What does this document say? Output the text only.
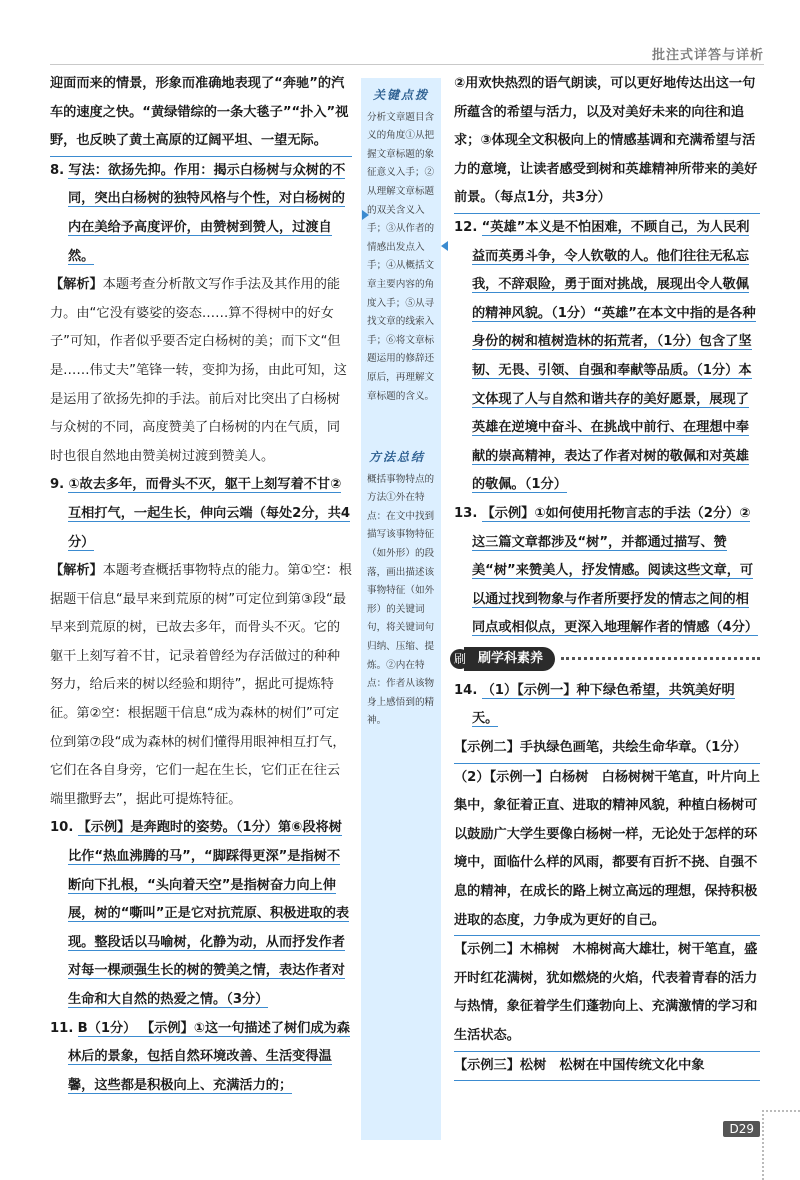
批注式详答与详析

迎面而来的情景，形象而准确地表现了“奔驰”的汽车的速度之快。“黄绿错综的一条大毯子”“扑入”视野，也反映了黄土高原的辽阔平坦、一望无际。

8. 写法：欲扬先抑。作用：揭示白杨树与众树的不同，突出白杨树的独特风格与个性，对白杨树的内在美给予高度评价，由赞树到赞人，过渡自然。

【解析】本题考查分析散文写作手法及其作用的能力。由“它没有婆娑的姿态……算不得树中的好女子”可知，作者似乎要否定白杨树的美；而下文“但是……伟丈夫”笔锋一转，变抑为扬，由此可知，这是运用了欲扬先抑的手法。前后对比突出了白杨树与众树的不同，高度赞美了白杨树的内在气质，同时也很自然地由赞美树过渡到赞美人。

9. ①故去多年，而骨头不灭，躯干上刻写着不甘②互相打气，一起生长，伸向云端（每处2分，共4分）

【解析】本题考查概括事物特点的能力。第①空：根据题干信息“最早来到荒原的树”可定位到第③段“最早来到荒原的树，已故去多年，而骨头不灭。它的躯干上刻写着不甘，记录着曾经为存活做过的种种努力，给后来的树以经验和期待”，据此可提炼特征。第②空：根据题干信息“成为森林的树们”可定位到第⑦段“成为森林的树们懂得用眼神相互打气，它们在各自身旁，它们一起在生长，它们正在往云端里撒野去”，据此可提炼特征。

10. 【示例】是奔跑时的姿势。（1分）第⑥段将树比作“热血沸腾的马”，“脚踩得更深”是指树不断向下扎根，“头向着天空”是指树奋力向上伸展，树的“嘶叫”正是它对抗荒原、积极进取的表现。整段话以马喻树，化静为动，从而抒发作者对每一棵顽强生长的树的赞美之情，表达作者对生命和大自然的热爱之情。（3分）

11. B（1分） 【示例】①这一句描述了树们成为森林后的景象，包括自然环境改善、生活变得温馨，这些都是积极向上、充满活力的；

关键点拨
分析文章题目含义的角度①从把握文章标题的象征意义入手；②从理解文章标题的双关含义入手；③从作者的情感出发点入手；④从概括文章主要内容的角度入手；⑤从寻找文章的线索入手；⑥将文章标题运用的修辞还原后，再理解文章标题的含义。
方法总结
概括事物特点的方法①外在特点：在文中找到描写该事物特征（如外形）的段落，画出描述该事物特征（如外形）的关键词句，将关键词句归纳、压缩、提炼。②内在特点：作者从该物身上感悟到的精神。

②用欢快热烈的语气朗读，可以更好地传达出这一句所蕴含的希望与活力，以及对美好未来的向往和追求；③体现全文积极向上的情感基调和充满希望与活力的意境，让读者感受到树和英雄精神所带来的美好前景。（每点1分，共3分）

12. “英雄”本义是不怕困难，不顾自己，为人民利益而英勇斗争，令人钦敬的人。他们往往无私忘我，不辞艰险，勇于面对挑战，展现出令人敬佩的精神风貌。（1分）“英雄”在本文中指的是各种身份的树和植树造林的拓荒者，（1分）包含了坚韧、无畏、引领、自强和奉献等品质。（1分）本文体现了人与自然和谐共存的美好愿景，展现了英雄在逆境中奋斗、在挑战中前行、在理想中奉献的崇高精神，表达了作者对树的敬佩和对英雄的敬佩。（1分）

13. 【示例】①如何使用托物言志的手法（2分）②这三篇文章都涉及“树”，并都通过描写、赞美“树”来赞美人，抒发情感。阅读这些文章，可以通过找到物象与作者所要抒发的情志之间的相同点或相似点，更深入地理解作者的情感（4分）

刷 刷学科素养

14. （1）【示例一】种下绿色希望，共筑美好明天。

【示例二】手执绿色画笔，共绘生命华章。（1分）

（2）【示例一】白杨树　白杨树树干笔直，叶片向上集中，象征着正直、进取的精神风貌，种植白杨树可以鼓励广大学生要像白杨树一样，无论处于怎样的环境中，面临什么样的风雨，都要有百折不挠、自强不息的精神，在成长的路上树立高远的理想，保持积极进取的态度，力争成为更好的自己。

【示例二】木棉树　木棉树高大雄壮，树干笔直，盛开时红花满树，犹如燃烧的火焰，代表着青春的活力与热情，象征着学生们蓬勃向上、充满激情的学习和生活状态。

【示例三】松树　松树在中国传统文化中象

D29
